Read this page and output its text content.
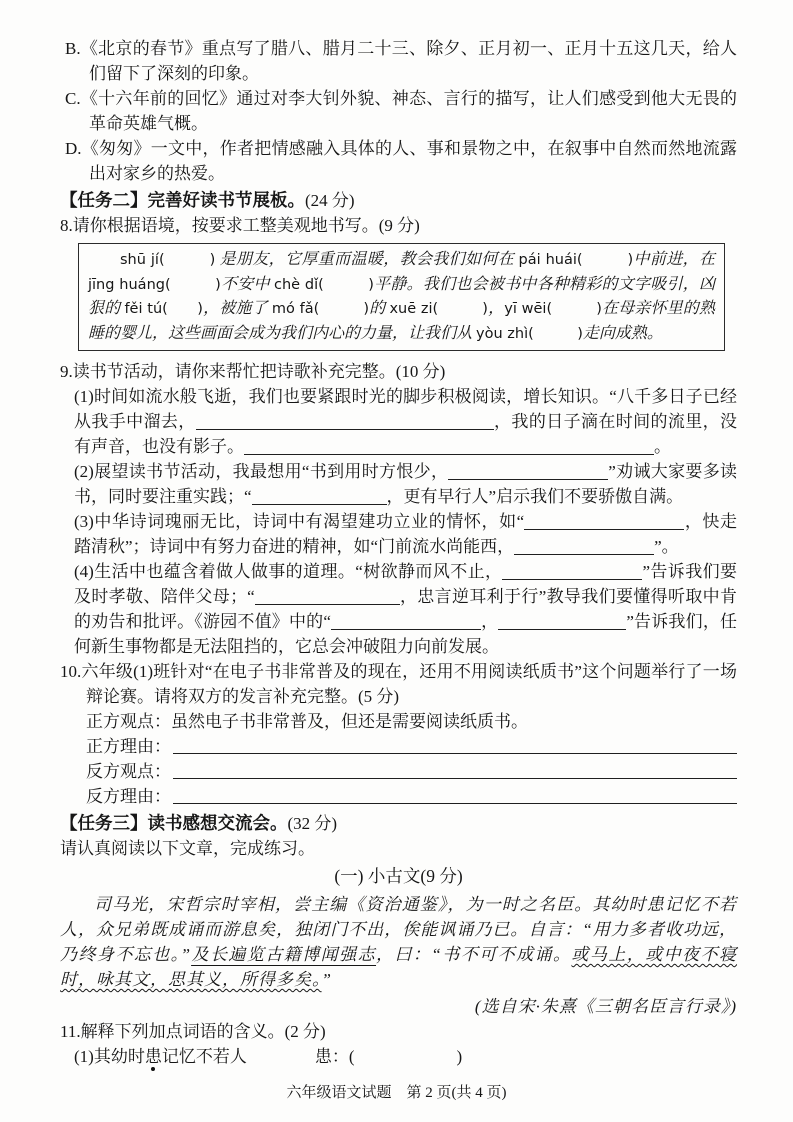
B.《北京的春节》重点写了腊八、腊月二十三、除夕、正月初一、正月十五这几天，给人们留下了深刻的印象。

C.《十六年前的回忆》通过对李大钊外貌、神态、言行的描写，让人们感受到他大无畏的革命英雄气概。

D.《匆匆》一文中，作者把情感融入具体的人、事和景物之中，在叙事中自然而然地流露出对家乡的热爱。

【任务二】完善好读书节展板。(24 分)

8.请你根据语境，按要求工整美观地书写。(9 分)

shū jí(　　　) 是朋友，它厚重而温暖，教会我们如何在 pái huái(　　　)中前进，在 jīng huáng(　　　)不安中 chè dǐ(　　　)平静。我们也会被书中各种精彩的文字吸引，凶狠的 fěi tú(　　)，被施了 mó fǎ(　　　)的 xuē zi(　　　)，yī wēi(　　　)在母亲怀里的熟睡的婴儿，这些画面会成为我们内心的力量，让我们从 yòu zhì(　　　)走向成熟。

9.读书节活动，请你来帮忙把诗歌补充完整。(10 分)

(1)时间如流水般飞逝，我们也要紧跟时光的脚步积极阅读，增长知识。“八千多日子已经从我手中溜去，	，我的日子滴在时间的流里，没有声音，也没有影子。	。

(2)展望读书节活动，我最想用“书到用时方恨少，	”劝诫大家要多读书，同时要注重实践；“	，更有早行人”启示我们不要骄傲自满。

(3)中华诗词瑰丽无比，诗词中有渴望建功立业的情怀，如“	，快走踏清秋”；诗词中有努力奋进的精神，如“门前流水尚能西，	”。

(4)生活中也蕴含着做人做事的道理。“树欲静而风不止，	”告诉我们要及时孝敬、陪伴父母；“	，忠言逆耳利于行”教导我们要懂得听取中肯的劝告和批评。《游园不值》中的“	，	”告诉我们，任何新生事物都是无法阻挡的，它总会冲破阻力向前发展。

10.六年级(1)班针对“在电子书非常普及的现在，还用不用阅读纸质书”这个问题举行了一场辩论赛。请将双方的发言补充完整。(5 分)

正方观点：虽然电子书非常普及，但还是需要阅读纸质书。

正方理由：
反方观点：
反方理由：

【任务三】读书感想交流会。(32 分)

请认真阅读以下文章，完成练习。

(一) 小古文(9 分)

司马光，宋哲宗时宰相，尝主编《资治通鉴》，为一时之名臣。其幼时患记忆不若人，众兄弟既成诵而游息矣，独闭门不出，俟能讽诵乃已。自言：“用力多者收功远，乃终身不忘也。”及长遍览古籍博闻强志，曰：“书不可不成诵。或马上，或中夜不寝时，咏其文，思其义，所得多矣。”

(选自宋·朱熹《三朝名臣言行录》)

11.解释下列加点词语的含义。(2 分)

(1)其幼时患记忆不若人	患：(　　　　　　)

六年级语文试题　第 2 页(共 4 页)
